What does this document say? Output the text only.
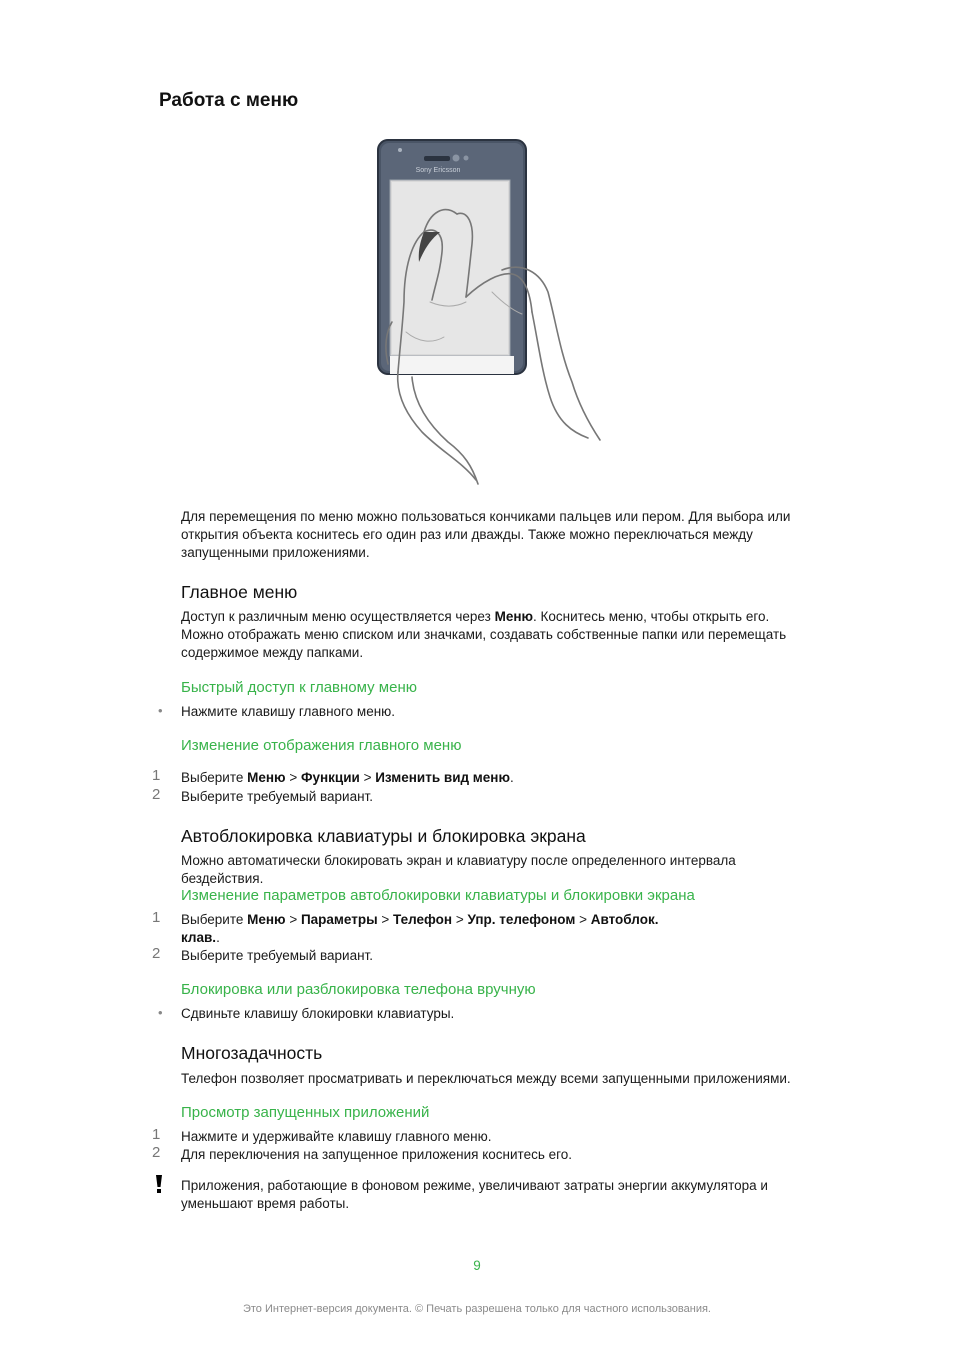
Работа с меню
Sony Ericsson

Для перемещения по меню можно пользоваться кончиками пальцев или пером. Для выбора или открытия объекта коснитесь его один раз или дважды. Также можно переключаться между запущенными приложениями.

Главное меню

Доступ к различным меню осуществляется через Меню. Коснитесь меню, чтобы открыть его. Можно отображать меню списком или значками, создавать собственные папки или перемещать содержимое между папками.

Быстрый доступ к главному меню
• Нажмите клавишу главного меню.

Изменение отображения главного меню
1	Выберите Меню > Функции > Изменить вид меню.
2	Выберите требуемый вариант.
Автоблокировка клавиатуры и блокировка экрана

Можно автоматически блокировать экран и клавиатуру после определенного интервала бездействия.

Изменение параметров автоблокировки клавиатуры и блокировки экрана
1	Выберите Меню > Параметры > Телефон > Упр. телефоном > Автоблок.
клав..
2	Выберите требуемый вариант.
Блокировка или разблокировка телефона вручную
• Сдвиньте клавишу блокировки клавиатуры.

Многозадачность

Телефон позволяет просматривать и переключаться между всеми запущенными приложениями.

Просмотр запущенных приложений
1	Нажмите и удерживайте клавишу главного меню.
2	Для переключения на запущенное приложения коснитесь его.

Приложения, работающие в фоновом режиме, увеличивают затраты энергии аккумулятора и уменьшают время работы.

9
Это Интернет-версия документа. © Печать разрешена только для частного использования.
